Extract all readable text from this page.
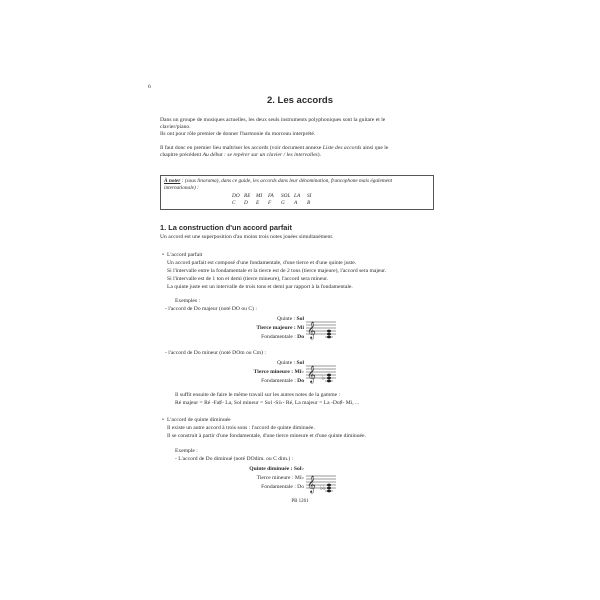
6
2. Les accords
Dans un groupe de musiques actuelles, les deux seuls instruments polyphoniques sont la guitare et le
clavier/piano.
Ils ont pour rôle premier de donner l'harmonie du morceau interprété.
Il faut donc en premier lieu maîtriser les accords (voir document annexe Liste des accords ainsi que le
chapitre précédent Au début : se repérer sur un clavier / les intervalles).
À noter : (sous linorama), dans ce guide, les accords dans leur dénomination, francophone mais également
internationale) :
DO RE MI FA SOL LA SI
C D E F G A B
1. La construction d'un accord parfait
Un accord est une superposition d'au moins trois notes jouées simultanément.
• L'accord parfait
Un accord parfait est composé d'une fondamentale, d'une tierce et d'une quinte juste.
Si l'intervalle entre la fondamentale et la tierce est de 2 tons (tierce majeure), l'accord sera majeur.
Si l'intervalle est de 1 ton et demi (tierce mineure), l'accord sera mineur.
La quinte juste est un intervalle de trois tons et demi par rapport à la fondamentale.
Exemples :
- l'accord de Do majeur (noté DO ou C) :
Quinte : Sol
Tierce majeure : Mi
Fondamentale : Do 𝄞
- l'accord de Do mineur (noté DOm ou Cm) :
Quinte : Sol
Tierce mineure : Mi♭
Fondamentale : Do 𝄞 ♭
Il suffit ensuite de faire le même travail sur les autres notes de la gamme :
Ré majeur = Ré -Fa♯- La, Sol mineur = Sol -Si♭- Ré, La majeur = La -Do♯- Mi, ...
• L'accord de quinte diminuée
Il existe un autre accord à trois sons : l'accord de quinte diminuée.
Il se construit à partir d'une fondamentale, d'une tierce mineure et d'une quinte diminuée.
Exemple :
- L'accord de Do diminué (noté DOdim. ou C dim.) :
Quinte diminuée : Sol♭
Tierce mineure : Mi♭
Fondamentale : Do 𝄞 ♭♭
PB 1261
